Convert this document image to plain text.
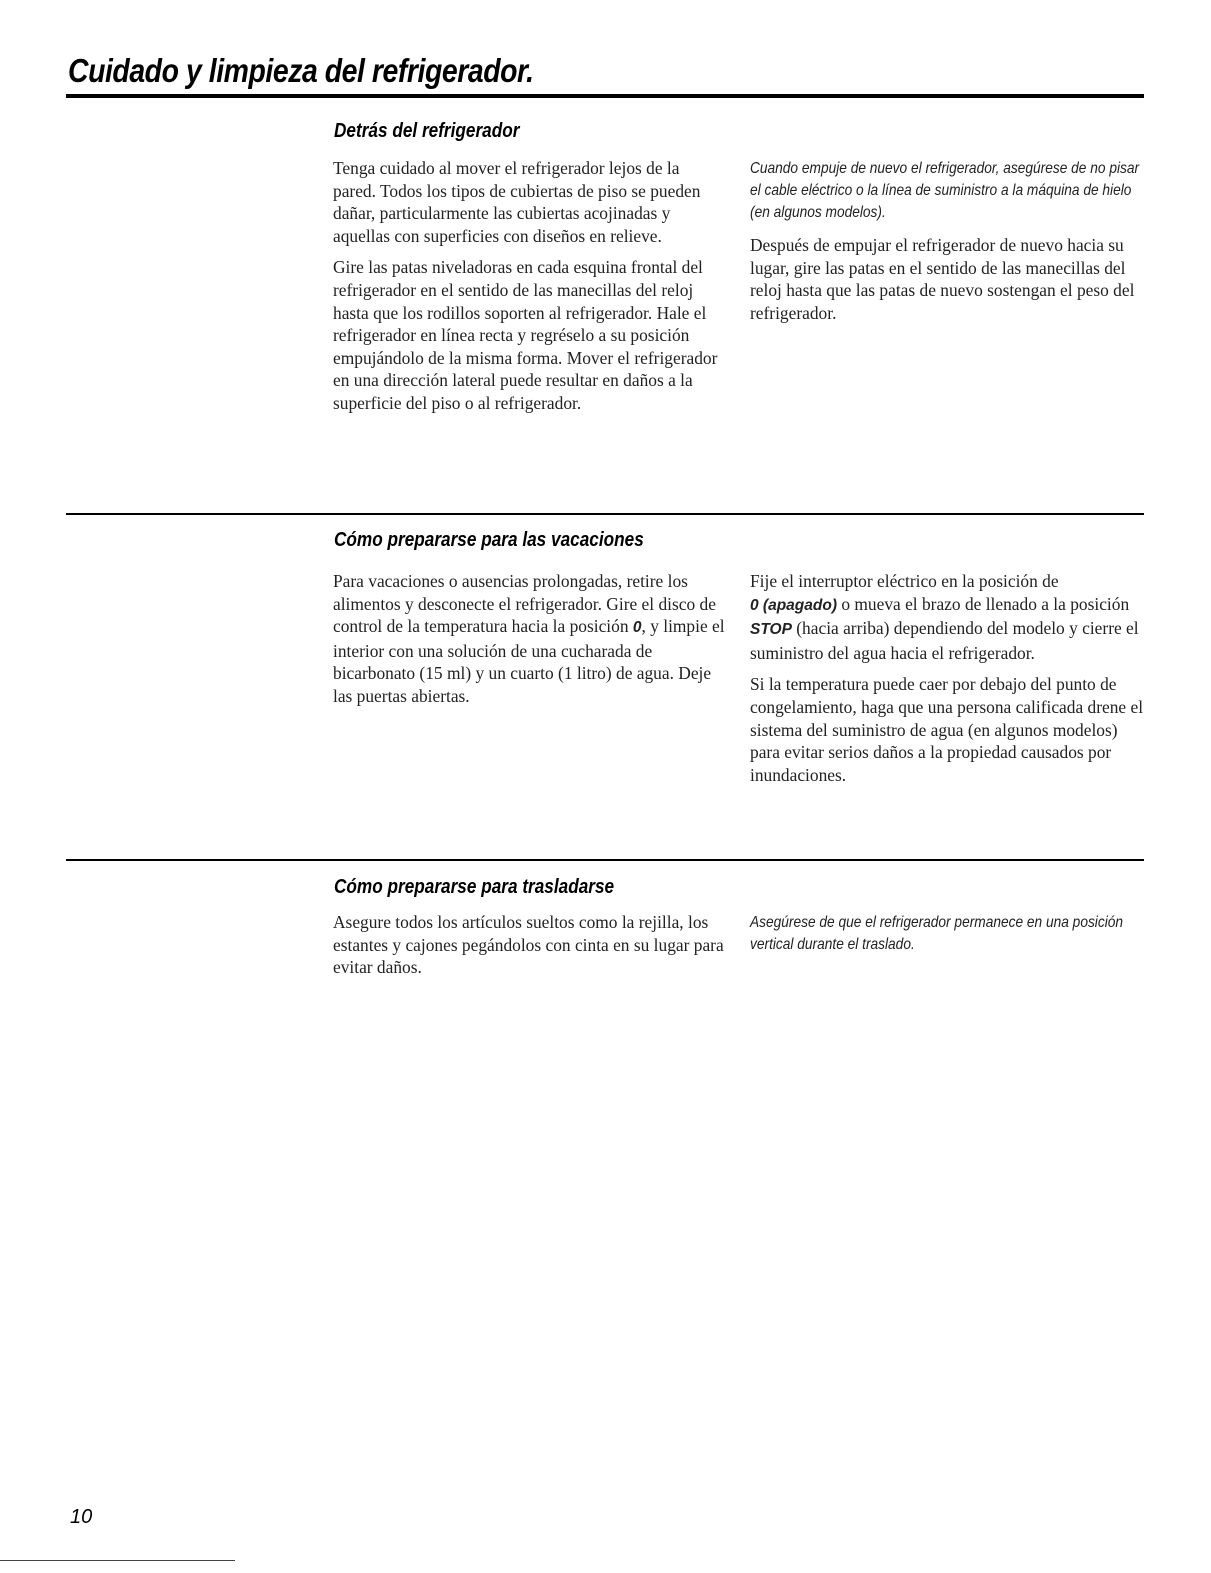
Cuidado y limpieza del refrigerador.
Detrás del refrigerador

Tenga cuidado al mover el refrigerador lejos de la pared. Todos los tipos de cubiertas de piso se pueden dañar, particularmente las cubiertas acojinadas y aquellas con superficies con diseños en relieve.

Gire las patas niveladoras en cada esquina frontal del refrigerador en el sentido de las manecillas del reloj hasta que los rodillos soporten al refrigerador. Hale el refrigerador en línea recta y regréselo a su posición empujándolo de la misma forma. Mover el refrigerador en una dirección lateral puede resultar en daños a la superficie del piso o al refrigerador.

Cuando empuje de nuevo el refrigerador, asegúrese de no pisar el cable eléctrico o la línea de suministro a la máquina de hielo (en algunos modelos).

Después de empujar el refrigerador de nuevo hacia su lugar, gire las patas en el sentido de las manecillas del reloj hasta que las patas de nuevo sostengan el peso del refrigerador.

Cómo prepararse para las vacaciones

Para vacaciones o ausencias prolongadas, retire los alimentos y desconecte el refrigerador. Gire el disco de control de la temperatura hacia la posición 0, y limpie el interior con una solución de una cucharada de bicarbonato (15 ml) y un cuarto (1 litro) de agua. Deje las puertas abiertas.

Fije el interruptor eléctrico en la posición de
0 (apagado) o mueva el brazo de llenado a la posición STOP (hacia arriba) dependiendo del modelo y cierre el suministro del agua hacia el refrigerador.

Si la temperatura puede caer por debajo del punto de congelamiento, haga que una persona calificada drene el sistema del suministro de agua (en algunos modelos) para evitar serios daños a la propiedad causados por inundaciones.

Cómo prepararse para trasladarse

Asegure todos los artículos sueltos como la rejilla, los estantes y cajones pegándolos con cinta en su lugar para evitar daños.

Asegúrese de que el refrigerador permanece en una posición vertical durante el traslado.

10
